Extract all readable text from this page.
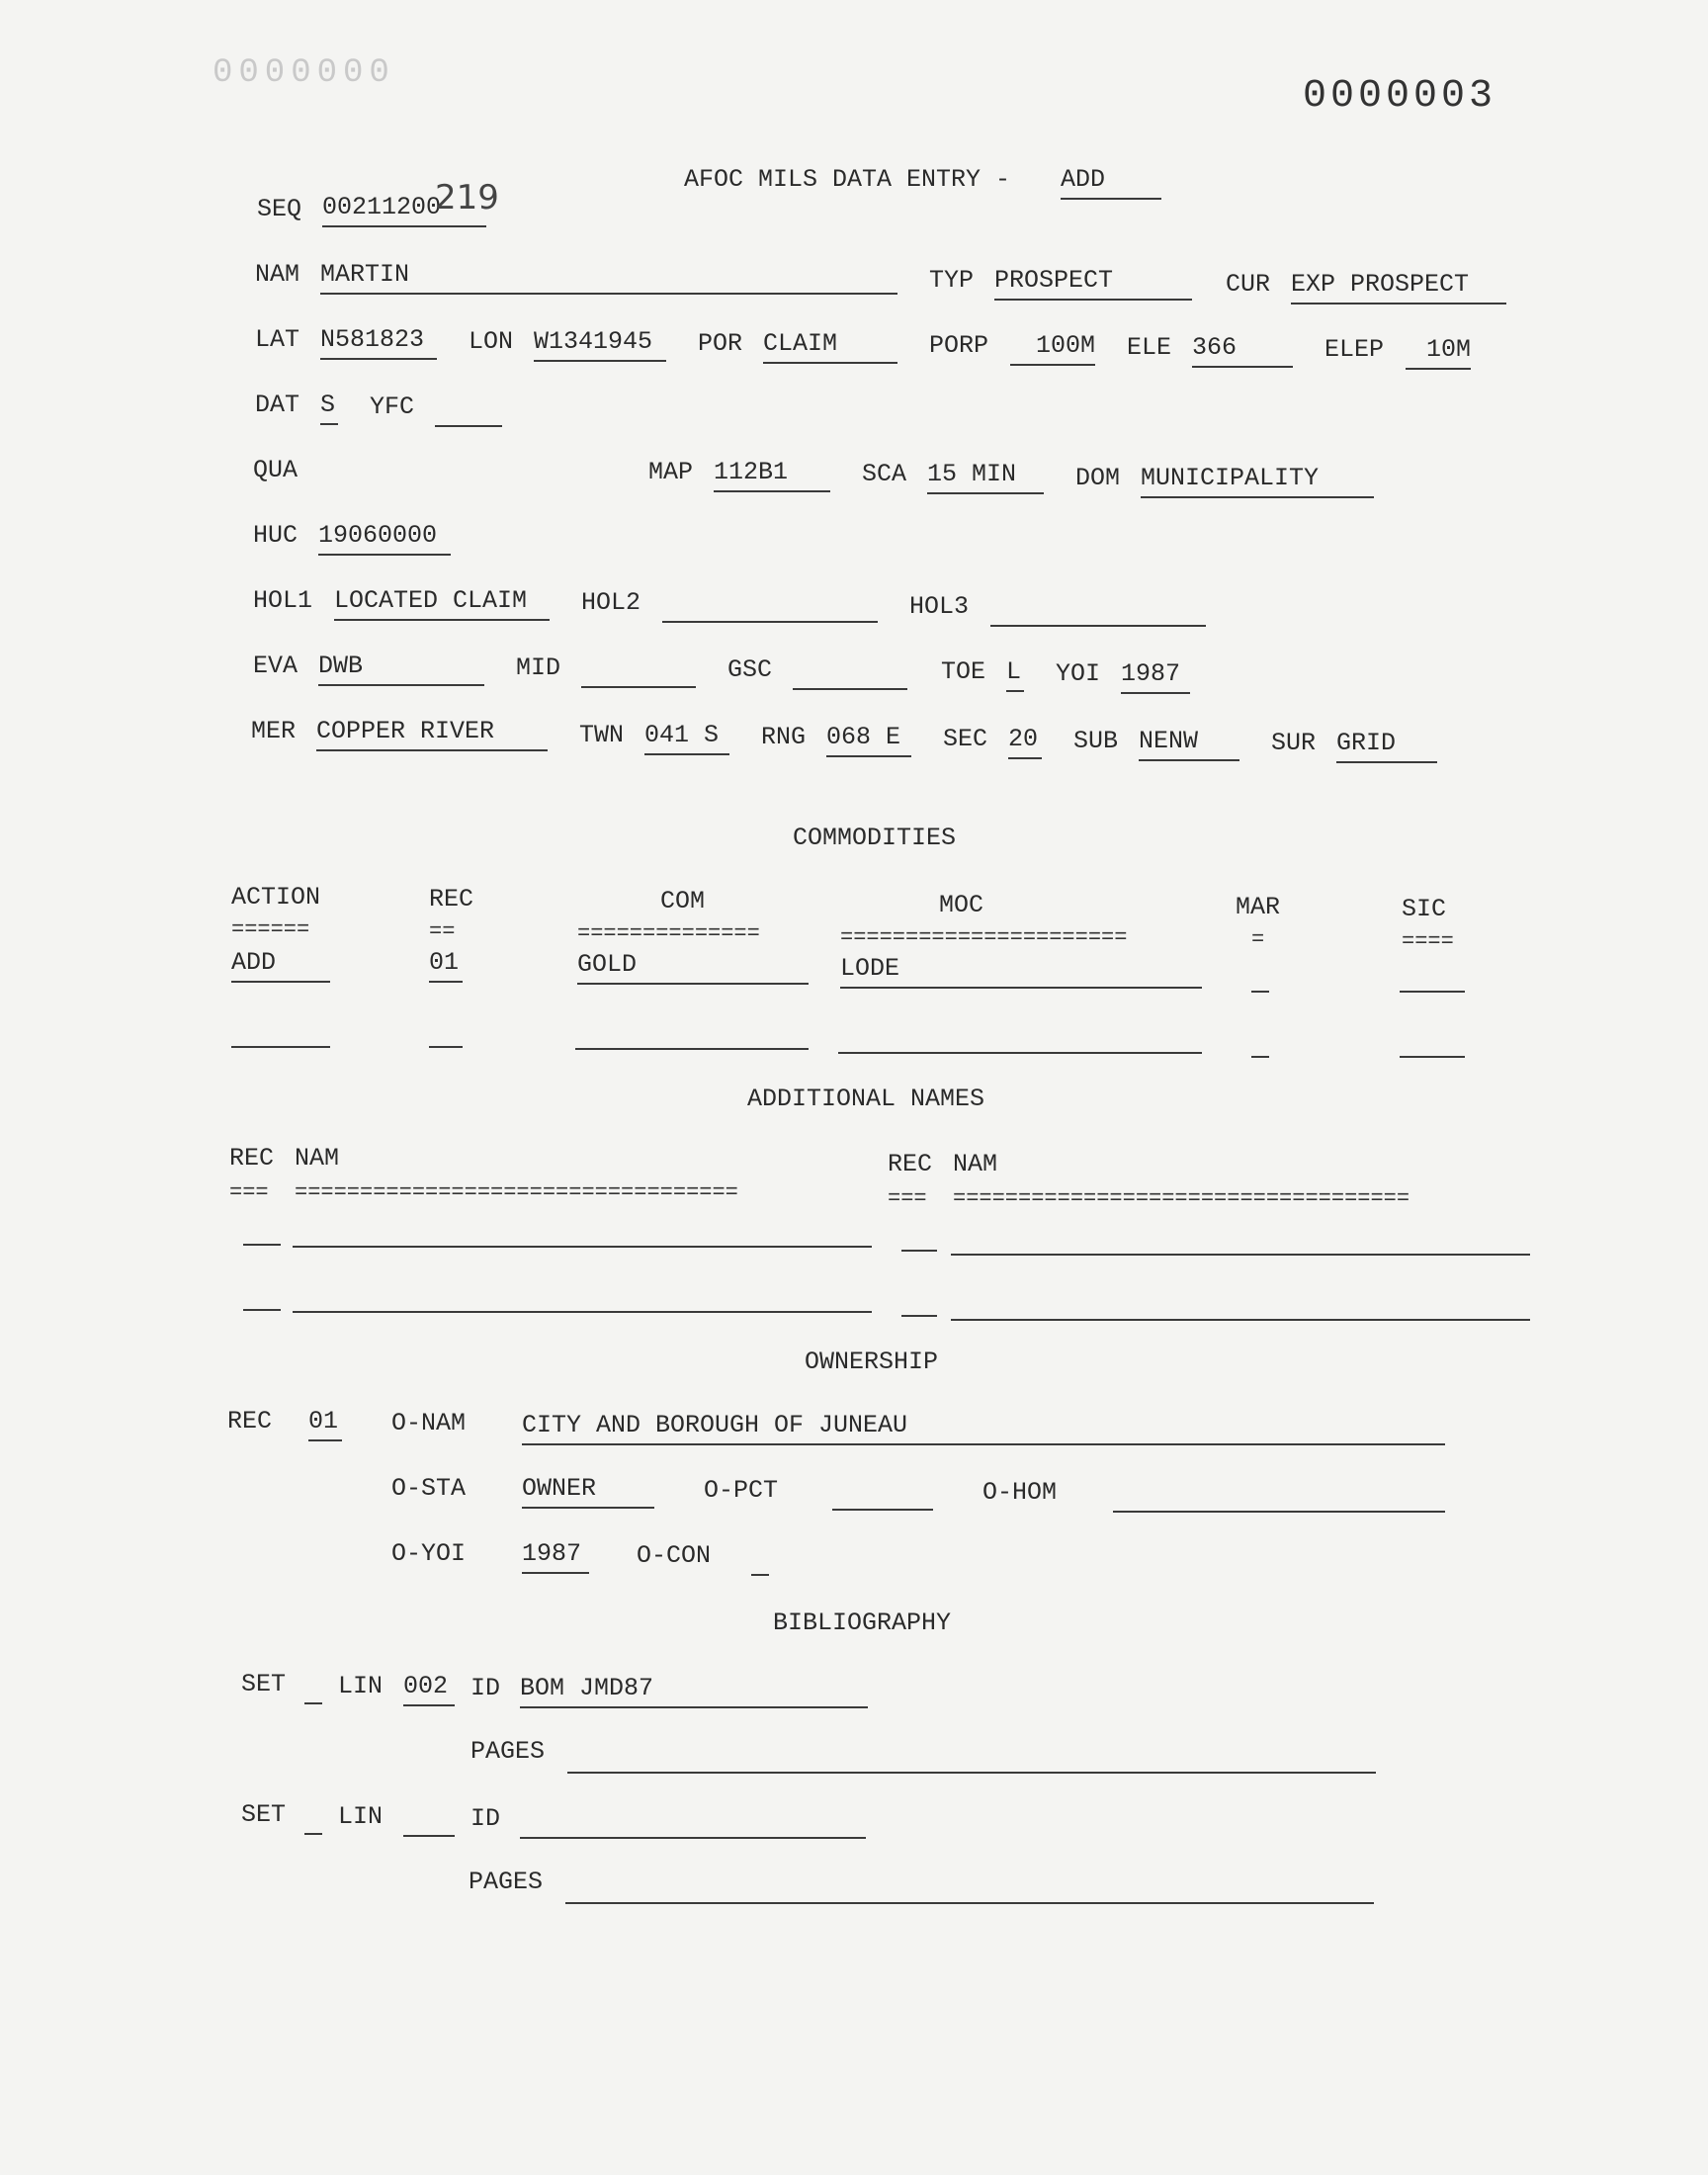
0000000
0000003
AFOC MILS DATA ENTRY - ADD
SEQ 00211200
219
NAM MARTIN	TYP PROSPECT	CUR EXP PROSPECT
LAT N581823	LON W1341945	POR CLAIM	PORP	100M ELE 366	ELEP	10M
DAT S YFC
QUA	MAP 112B1	SCA 15 MIN	DOM MUNICIPALITY
HUC 19060000
HOL1 LOCATED CLAIM	HOL2	HOL3
EVA DWB	MID	GSC	TOE L YOI 1987
MER COPPER RIVER	TWN 041 S	RNG 068 E	SEC 20 SUB NENW	SUR GRID
COMMODITIES
ACTION	REC	COM	MOC	MAR	SIC
======	==	==============	======================	=	====
ADD	01	GOLD	LODE
ADDITIONAL NAMES
REC NAM	REC NAM
=== ==================================	=== ===================================
OWNERSHIP
REC 01 O-NAM CITY AND BOROUGH OF JUNEAU
O-STA OWNER	O-PCT	O-HOM
O-YOI 1987	O-CON
BIBLIOGRAPHY
SET LIN 002 ID BOM JMD87
PAGES
SET LIN	ID
PAGES
